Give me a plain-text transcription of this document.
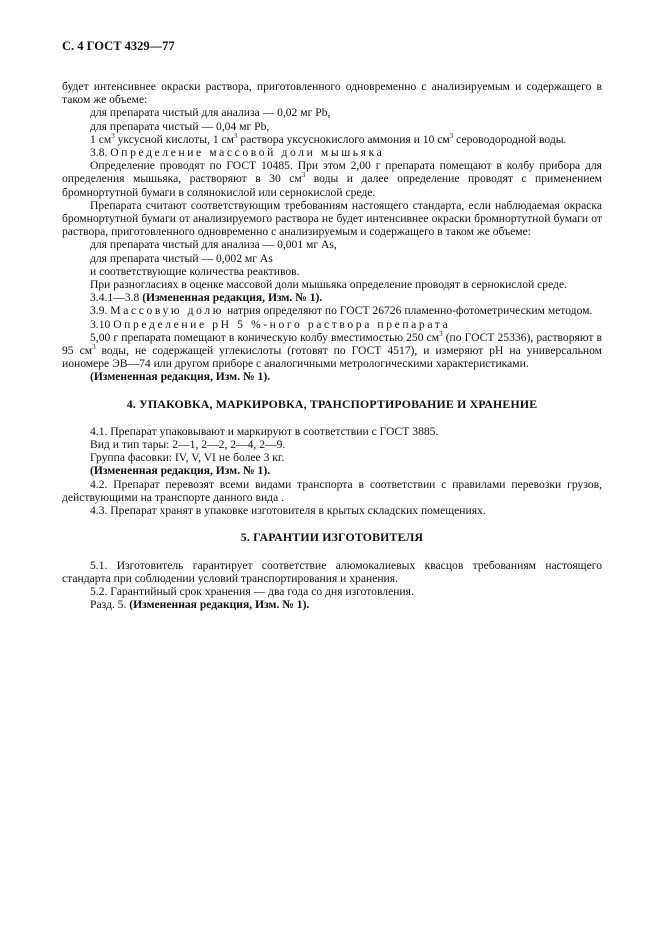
С. 4 ГОСТ 4329—77

будет интенсивнее окраски раствора, приготовленного одновременно с анализируемым и содержащего в таком же объеме:

для препарата чистый для анализа — 0,02 мг Pb,

для препарата чистый — 0,04 мг Pb,

1 $см^3$ уксусной кислоты, 1 $см^3$ раствора уксуснокислого аммония и 10 $см^3$ сероводородной воды.

3.8. Определение массовой доли мышьяка

Определение проводят по ГОСТ 10485. При этом 2,00 г препарата помещают в колбу прибора для определения мышьяка, растворяют в 30 $см^3$ воды и далее определение проводят с применением бромнортутной бумаги в солянокислой или сернокислой среде.

Препарата считают соответствующим требованиям настоящего стандарта, если наблюдаемая окраска бромнортутной бумаги от анализируемого раствора не будет интенсивнее окраски бромнортутной бумаги от раствора, приготовленного одновременно с анализируемым и содержащего в таком же объеме:

для препарата чистый для анализа — 0,001 мг As,

для препарата чистый — 0,002 мг As

и соответствующие количества реактивов.

При разногласиях в оценке массовой доли мышьяка определение проводят в сернокислой среде.

3.4.1—3.8 (Измененная редакция, Изм. № 1).

3.9. Массовую долю натрия определяют по ГОСТ 26726 пламенно-фотометрическим методом.

3.10 Определение рН 5 %-ного раствора препарата

5,00 г препарата помещают в коническую колбу вместимостью 250 $см^3$ (по ГОСТ 25336), растворяют в 95 $см^3$ воды, не содержащей углекислоты (готовят по ГОСТ 4517), и измеряют рН на универсальном иономере ЭВ—74 или другом приборе с аналогичными метрологическими характеристиками.

(Измененная редакция, Изм. № 1).

4. УПАКОВКА, МАРКИРОВКА, ТРАНСПОРТИРОВАНИЕ И ХРАНЕНИЕ

4.1. Препарат упаковывают и маркируют в соответствии с ГОСТ 3885.

Вид и тип тары: 2—1, 2—2, 2—4, 2—9.

Группа фасовки: IV, V, VI не более 3 кг.

(Измененная редакция, Изм. № 1).

4.2. Препарат перевозят всеми видами транспорта в соответствии с правилами перевозки грузов, действующими на транспорте данного вида .

4.3. Препарат хранят в упаковке изготовителя в крытых складских помещениях.

5. ГАРАНТИИ ИЗГОТОВИТЕЛЯ

5.1. Изготовитель гарантирует соответствие алюмокалиевых квасцов требованиям настоящего стандарта при соблюдении условий транспортирования и хранения.

5.2. Гарантийный срок хранения — два года со дня изготовления.

Разд. 5. (Измененная редакция, Изм. № 1).
